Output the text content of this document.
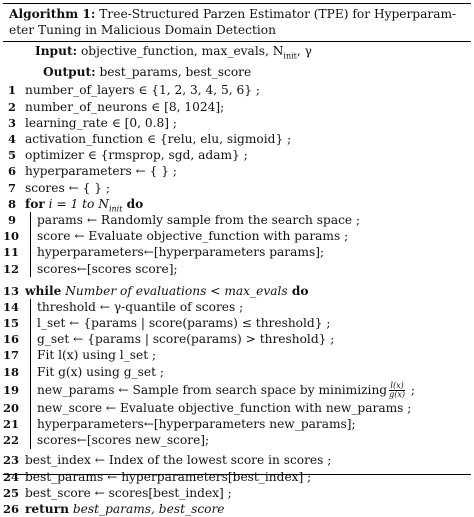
Algorithm 1: Tree-Structured Parzen Estimator (TPE) for Hyperparam-
eter Tuning in Malicious Domain Detection
Input: objective_function, max_evals, $N_{init}$, γ
Output: best_params, best_score
1 number_of_layers ∈ {1, 2, 3, 4, 5, 6} ;
2 number_of_neurons ∈ [8, 1024];
3 learning_rate ∈ [0, 0.8] ;
4 activation_function ∈ {relu, elu, sigmoid} ;
5 optimizer ∈ {rmsprop, sgd, adam} ;
6 hyperparameters ← { } ;
7 scores ← { } ;
8 for i = 1 to $N_{init}$ do
9 params ← Randomly sample from the search space ;
10 score ← Evaluate objective_function with params ;
11 hyperparameters←[hyperparameters params];
12 scores←[scores score];
13 while Number of evaluations < max_evals do
14 threshold ← γ-quantile of scores ;
15 l_set ← {params | score(params) ≤ threshold} ;
16 g_set ← {params | score(params) > threshold} ;
17 Fit l(x) using l_set ;
18 Fit g(x) using g_set ;
19 new_params ← Sample from search space by minimizing $\frac{l(x)}{g(x)}$ ;
20 new_score ← Evaluate objective_function with new_params ;
21 hyperparameters←[hyperparameters new_params];
22 scores←[scores new_score];
23 best_index ← Index of the lowest score in scores ;
24 best_params ← hyperparameters[best_index] ;
25 best_score ← scores[best_index] ;
26 return best_params, best_score
